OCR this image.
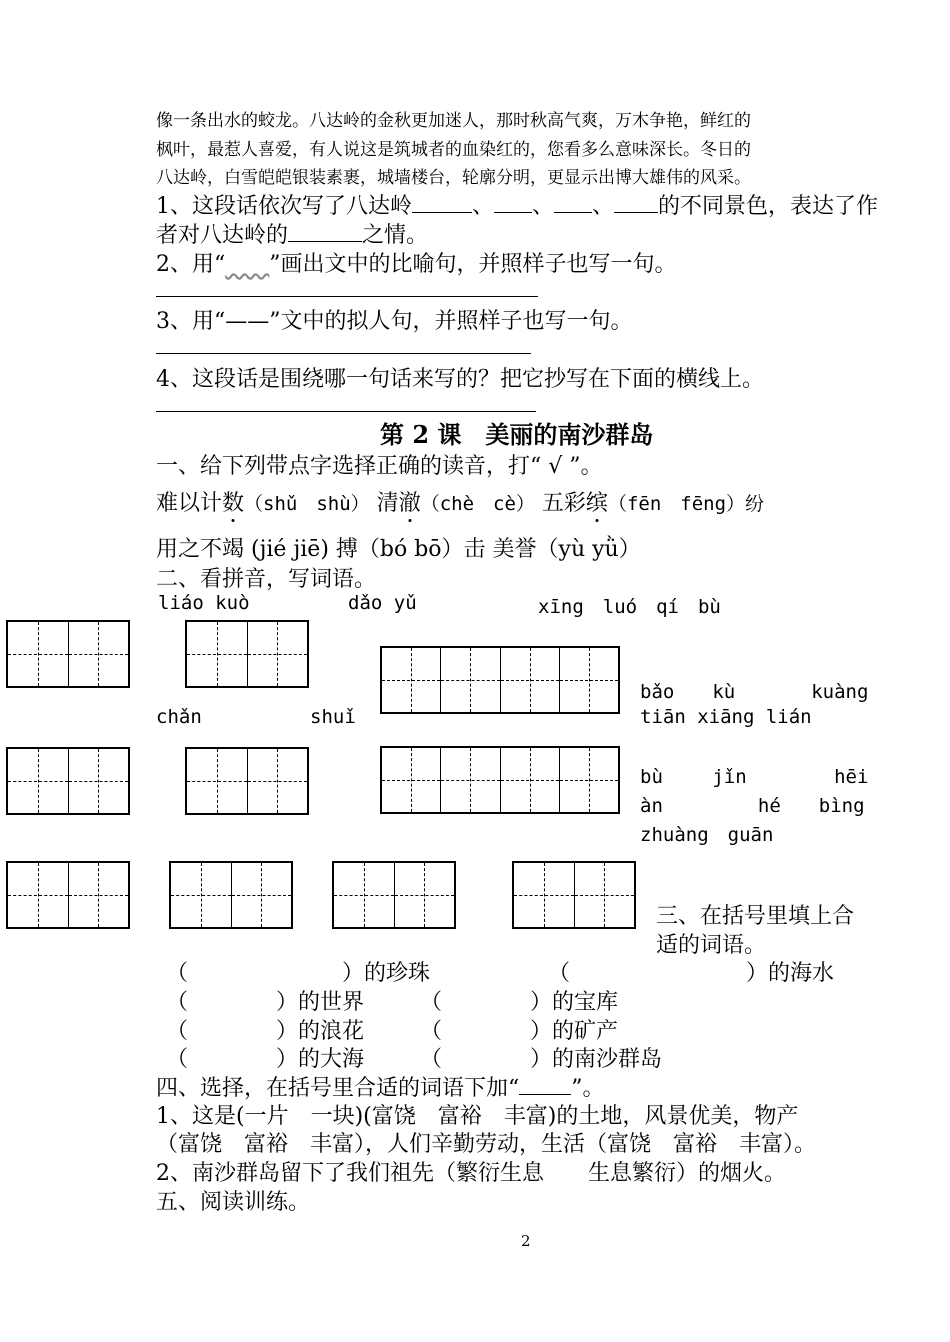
像一条出水的蛟龙。八达岭的金秋更加迷人，那时秋高气爽，万木争艳，鲜红的
枫叶，最惹人喜爱，有人说这是筑城者的血染红的，您看多么意味深长。冬日的
八达岭，白雪皑皑银装素裹，城墙楼台，轮廓分明，更显示出博大雄伟的风采。
1、这段话依次写了八达岭	、 、 、 的不同景色，表达了作
者对八达岭的	之情。
2、用“ ”画出文中的比喻句，并照样子也写一句。
3、用“——”文中的拟人句，并照样子也写一句。
4、这段话是围绕哪一句话来写的？把它抄写在下面的横线上。
第 2 课　美丽的南沙群岛
一、给下列带点字选择正确的读音，打“ √ ”。
难以计数（shǔ　shù） 清澈（chè　cè） 五彩缤（fēn　fēng）纷
用之不竭 (jié jiē) 搏（bó bō）击 美誉（yù yǜ）
二、看拼音，写词语。
liáo kuò	dǎo yǔ	xīng　luó　qí　bù
bǎo　　kù　　　　kuàng
chǎn	shuǐ	tiān xiāng lián
bù　　 jǐn　　　　 hēi
àn　　　　　hé　　bìng
zhuàng　guān
三、在括号里填上合
适的词语。
（　　　　　　　）的珍珠	（　　　　　　　　）的海水
（　　　　）的世界	（　　　　）的宝库
（　　　　）的浪花	（　　　　）的矿产
（　　　　）的大海	（　　　　）的南沙群岛
四、选择，在括号里合适的词语下加“ ”。
1、这是(一片　一块)(富饶　富裕　丰富)的土地，风景优美，物产
（富饶　富裕　丰富），人们辛勤劳动，生活（富饶　富裕　丰富）。
2、南沙群岛留下了我们祖先（繁衍生息　　生息繁衍）的烟火。
五、阅读训练。
2
